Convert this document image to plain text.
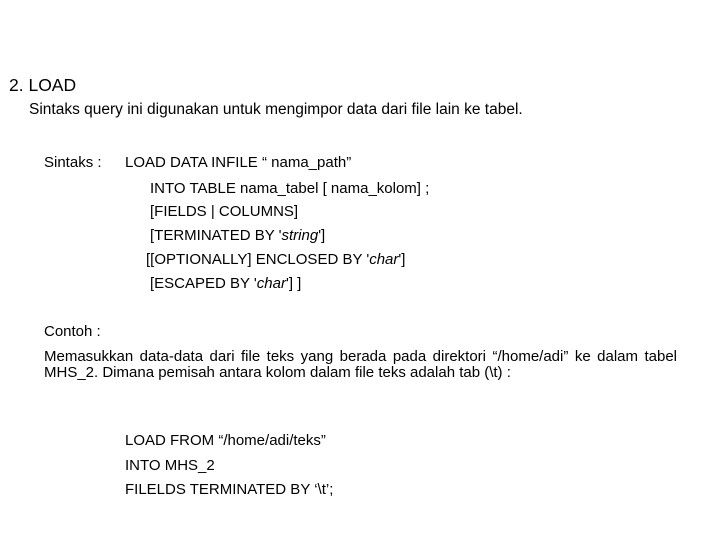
2. LOAD
Sintaks query ini digunakan untuk mengimpor data dari file lain ke tabel.
Sintaks : LOAD DATA INFILE “ nama_path”
INTO TABLE nama_tabel [ nama_kolom] ;
[FIELDS | COLUMNS]
[TERMINATED BY 'string']
[[OPTIONALLY] ENCLOSED BY 'char']
[ESCAPED BY 'char'] ]
Contoh :
Memasukkan data-data dari file teks yang berada pada direktori “/home/adi” ke dalam tabel MHS_2. Dimana pemisah antara kolom dalam file teks adalah tab (\t) :
LOAD FROM “/home/adi/teks”
INTO MHS_2
FILELDS TERMINATED BY ‘\t’;
